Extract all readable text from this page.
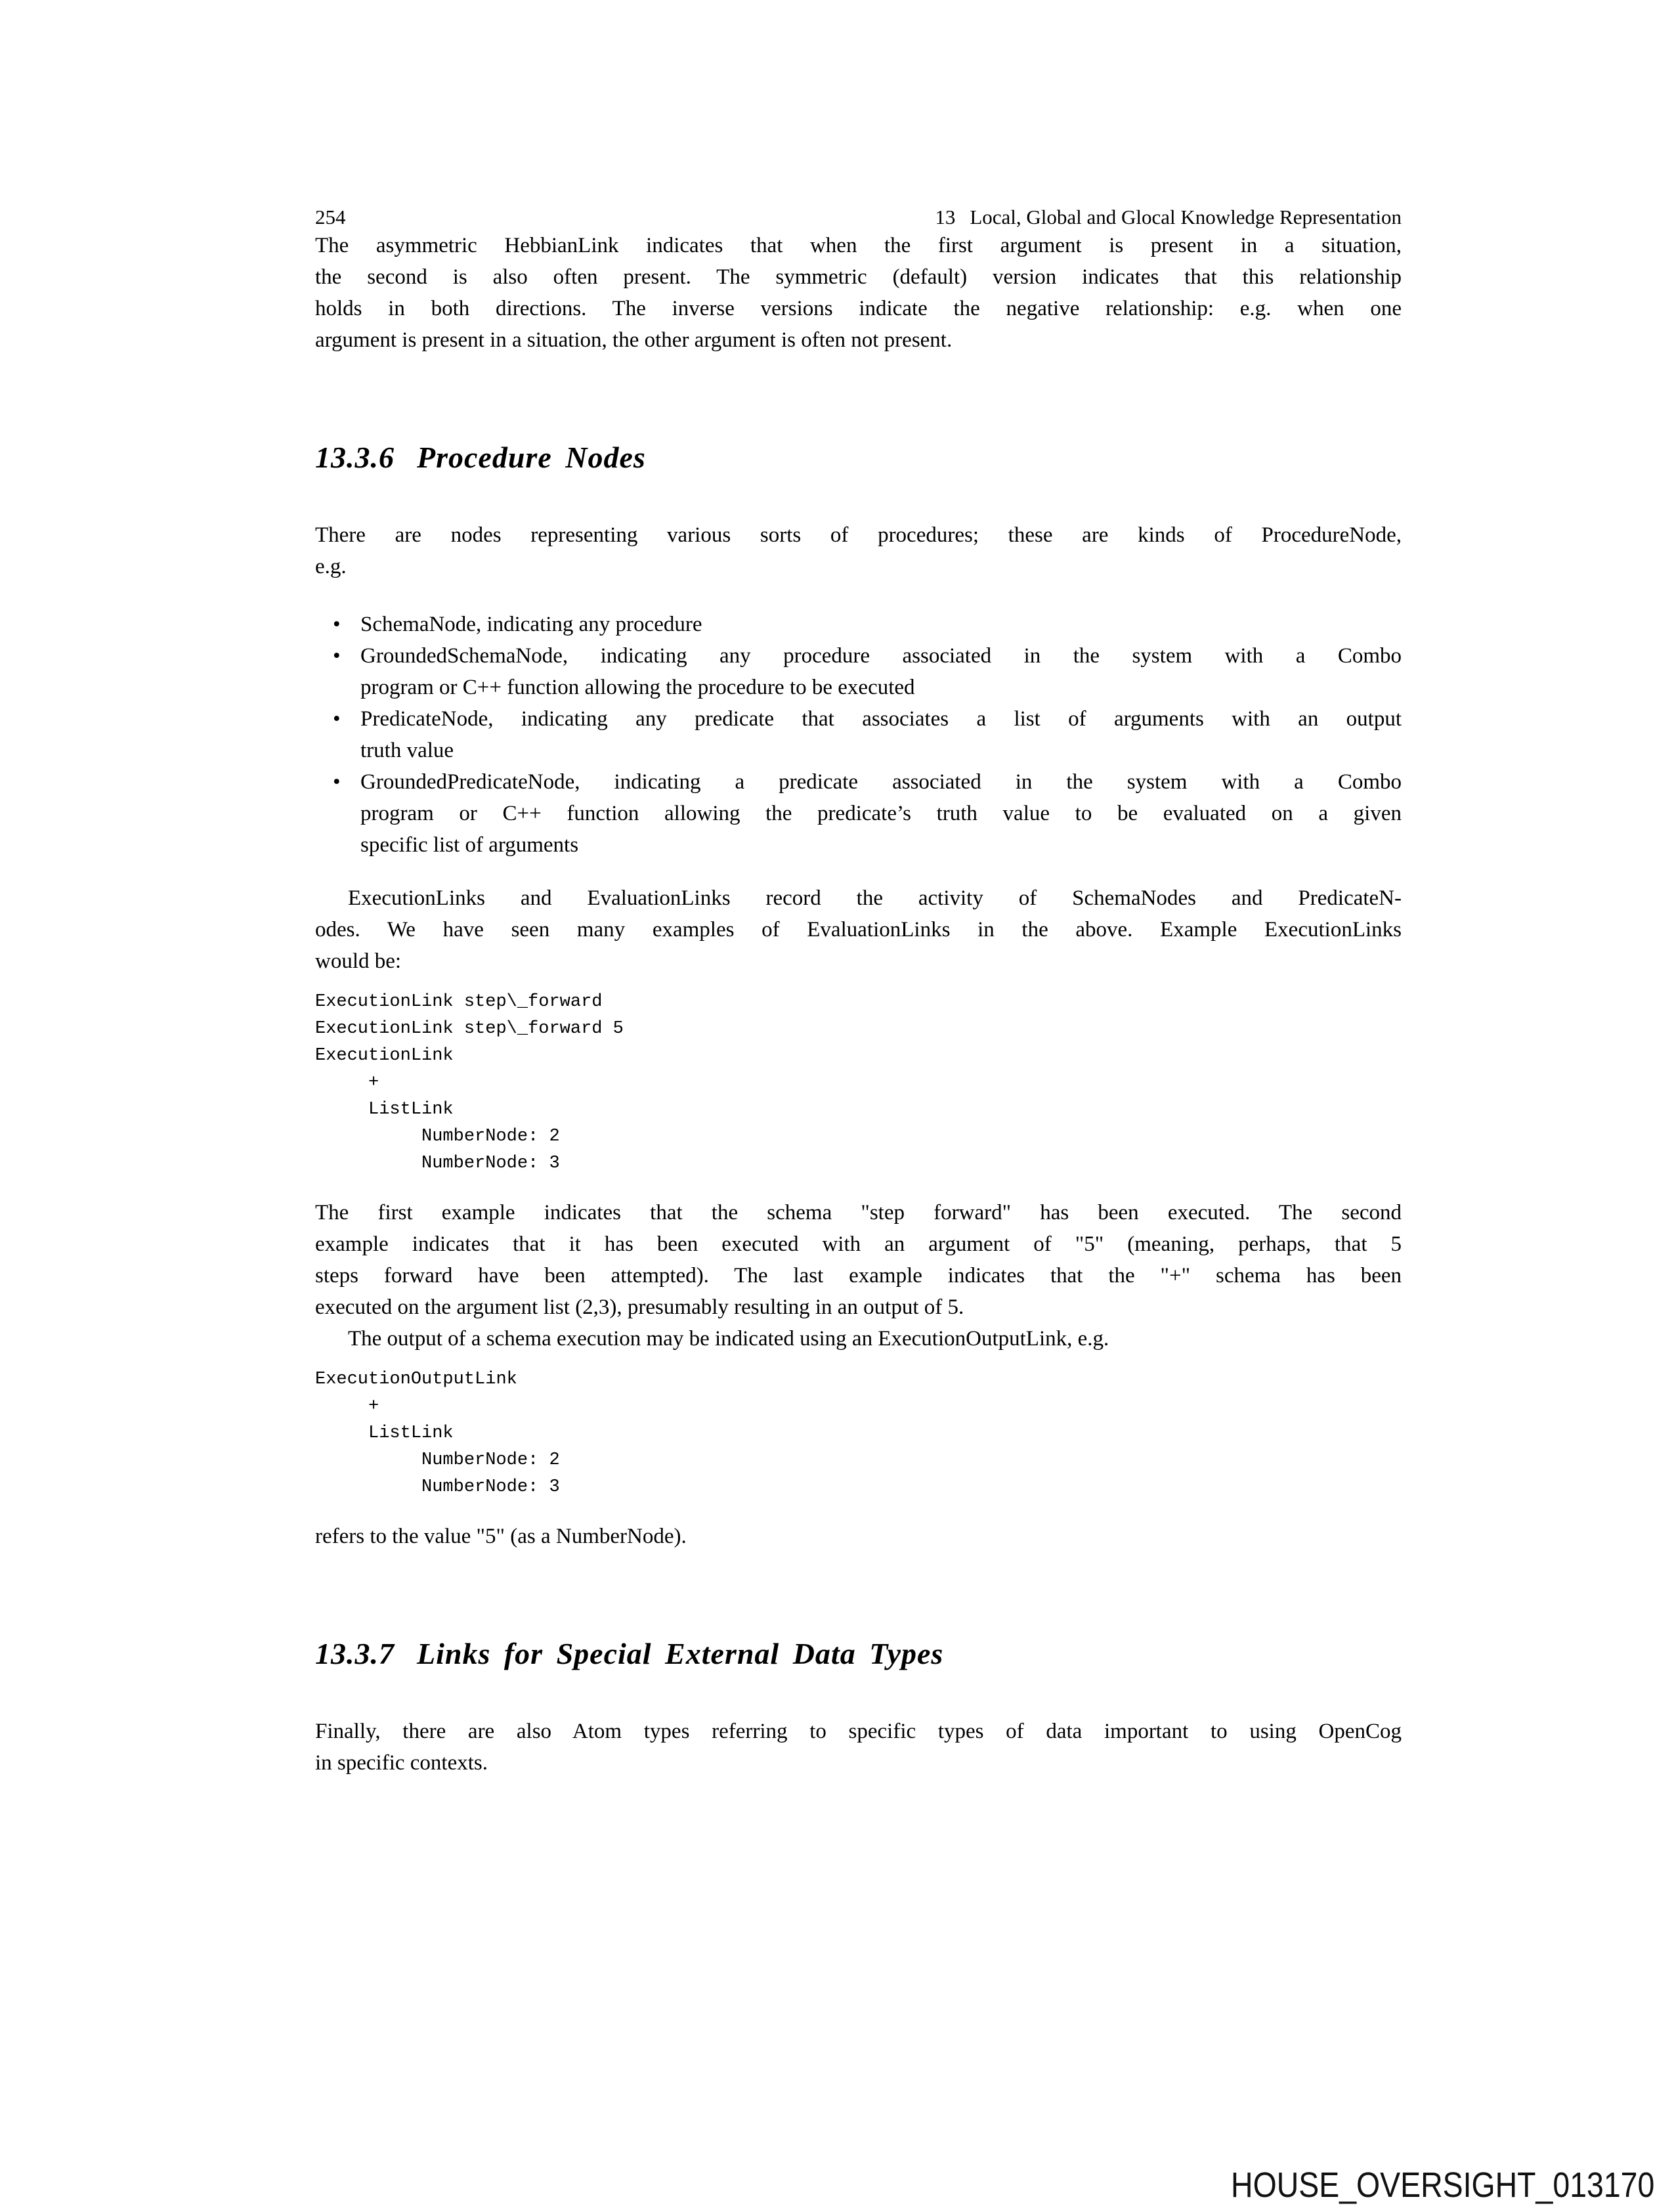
254	13 Local, Global and Glocal Knowledge Representation
The asymmetric HebbianLink indicates that when the first argument is present in a situation,
the second is also often present. The symmetric (default) version indicates that this relationship
holds in both directions. The inverse versions indicate the negative relationship: e.g. when one
argument is present in a situation, the other argument is often not present.
13.3.6 Procedure Nodes
There are nodes representing various sorts of procedures; these are kinds of ProcedureNode,
e.g.
• SchemaNode, indicating any procedure
• GroundedSchemaNode, indicating any procedure associated in the system with a Combo
program or C++ function allowing the procedure to be executed
• PredicateNode, indicating any predicate that associates a list of arguments with an output
truth value
• GroundedPredicateNode, indicating a predicate associated in the system with a Combo
program or C++ function allowing the predicate’s truth value to be evaluated on a given
specific list of arguments
ExecutionLinks and EvaluationLinks record the activity of SchemaNodes and PredicateN-
odes. We have seen many examples of EvaluationLinks in the above. Example ExecutionLinks
would be:
ExecutionLink step\_forward
ExecutionLink step\_forward 5
ExecutionLink
+
ListLink
NumberNode: 2
NumberNode: 3
The first example indicates that the schema "step forward" has been executed. The second
example indicates that it has been executed with an argument of "5" (meaning, perhaps, that 5
steps forward have been attempted). The last example indicates that the "+" schema has been
executed on the argument list (2,3), presumably resulting in an output of 5.
The output of a schema execution may be indicated using an ExecutionOutputLink, e.g.
ExecutionOutputLink
+
ListLink
NumberNode: 2
NumberNode: 3
refers to the value "5" (as a NumberNode).
13.3.7 Links for Special External Data Types
Finally, there are also Atom types referring to specific types of data important to using OpenCog
in specific contexts.
HOUSE_OVERSIGHT_013170
